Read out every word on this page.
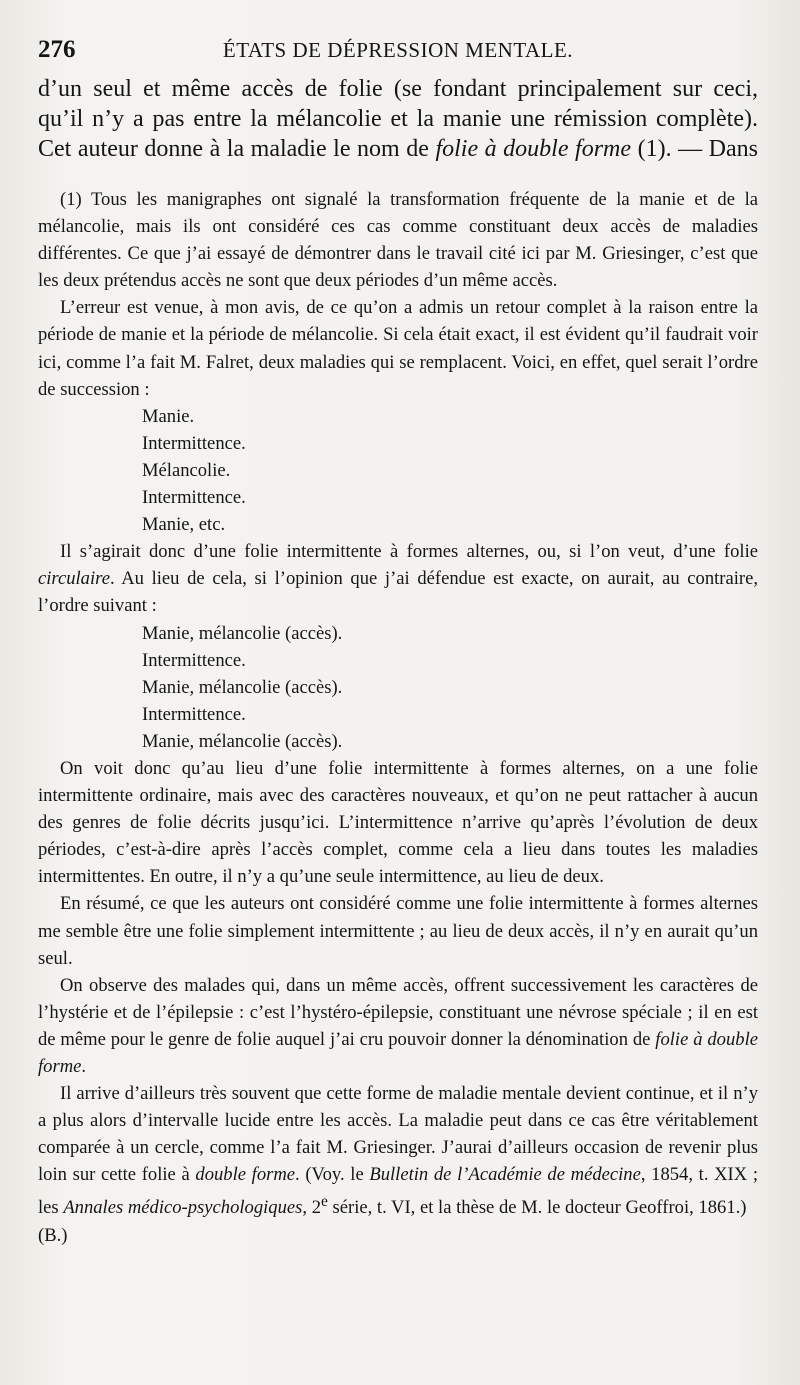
276	ÉTATS DE DÉPRESSION MENTALE.
d’un seul et même accès de folie (se fondant principalement sur ceci,
qu’il n’y a pas entre la mélancolie et la manie une rémission complète).
Cet auteur donne à la maladie le nom de folie à double forme (1). — Dans

(1) Tous les manigraphes ont signalé la transformation fréquente de la manie et de la mélancolie, mais ils ont considéré ces cas comme constituant deux accès de maladies différentes. Ce que j’ai essayé de démontrer dans le travail cité ici par M. Griesinger, c’est que les deux prétendus accès ne sont que deux périodes d’un même accès.

L’erreur est venue, à mon avis, de ce qu’on a admis un retour complet à la raison entre la période de manie et la période de mélancolie. Si cela était exact, il est évident qu’il faudrait voir ici, comme l’a fait M. Falret, deux maladies qui se remplacent. Voici, en effet, quel serait l’ordre de succession :

Manie.
Intermittence.
Mélancolie.
Intermittence.
Manie, etc.

Il s’agirait donc d’une folie intermittente à formes alternes, ou, si l’on veut, d’une folie circulaire. Au lieu de cela, si l’opinion que j’ai défendue est exacte, on aurait, au contraire, l’ordre suivant :

Manie, mélancolie (accès).
Intermittence.
Manie, mélancolie (accès).
Intermittence.
Manie, mélancolie (accès).

On voit donc qu’au lieu d’une folie intermittente à formes alternes, on a une folie intermittente ordinaire, mais avec des caractères nouveaux, et qu’on ne peut rattacher à aucun des genres de folie décrits jusqu’ici. L’intermittence n’arrive qu’après l’évolution de deux périodes, c’est-à-dire après l’accès complet, comme cela a lieu dans toutes les maladies intermittentes. En outre, il n’y a qu’une seule intermittence, au lieu de deux.

En résumé, ce que les auteurs ont considéré comme une folie intermittente à formes alternes me semble être une folie simplement intermittente ; au lieu de deux accès, il n’y en aurait qu’un seul.

On observe des malades qui, dans un même accès, offrent successivement les caractères de l’hystérie et de l’épilepsie : c’est l’hystéro-épilepsie, constituant une névrose spéciale ; il en est de même pour le genre de folie auquel j’ai cru pouvoir donner la dénomination de folie à double forme.

Il arrive d’ailleurs très souvent que cette forme de maladie mentale devient continue, et il n’y a plus alors d’intervalle lucide entre les accès. La maladie peut dans ce cas être véritablement comparée à un cercle, comme l’a fait M. Griesinger. J’aurai d’ailleurs occasion de revenir plus loin sur cette folie à double forme. (Voy. le Bulletin de l’Académie de médecine, 1854, t. XIX ; les Annales médico-psychologiques, 2e série, t. VI, et la thèse de M. le docteur Geoffroi, 1861.)

(B.)
